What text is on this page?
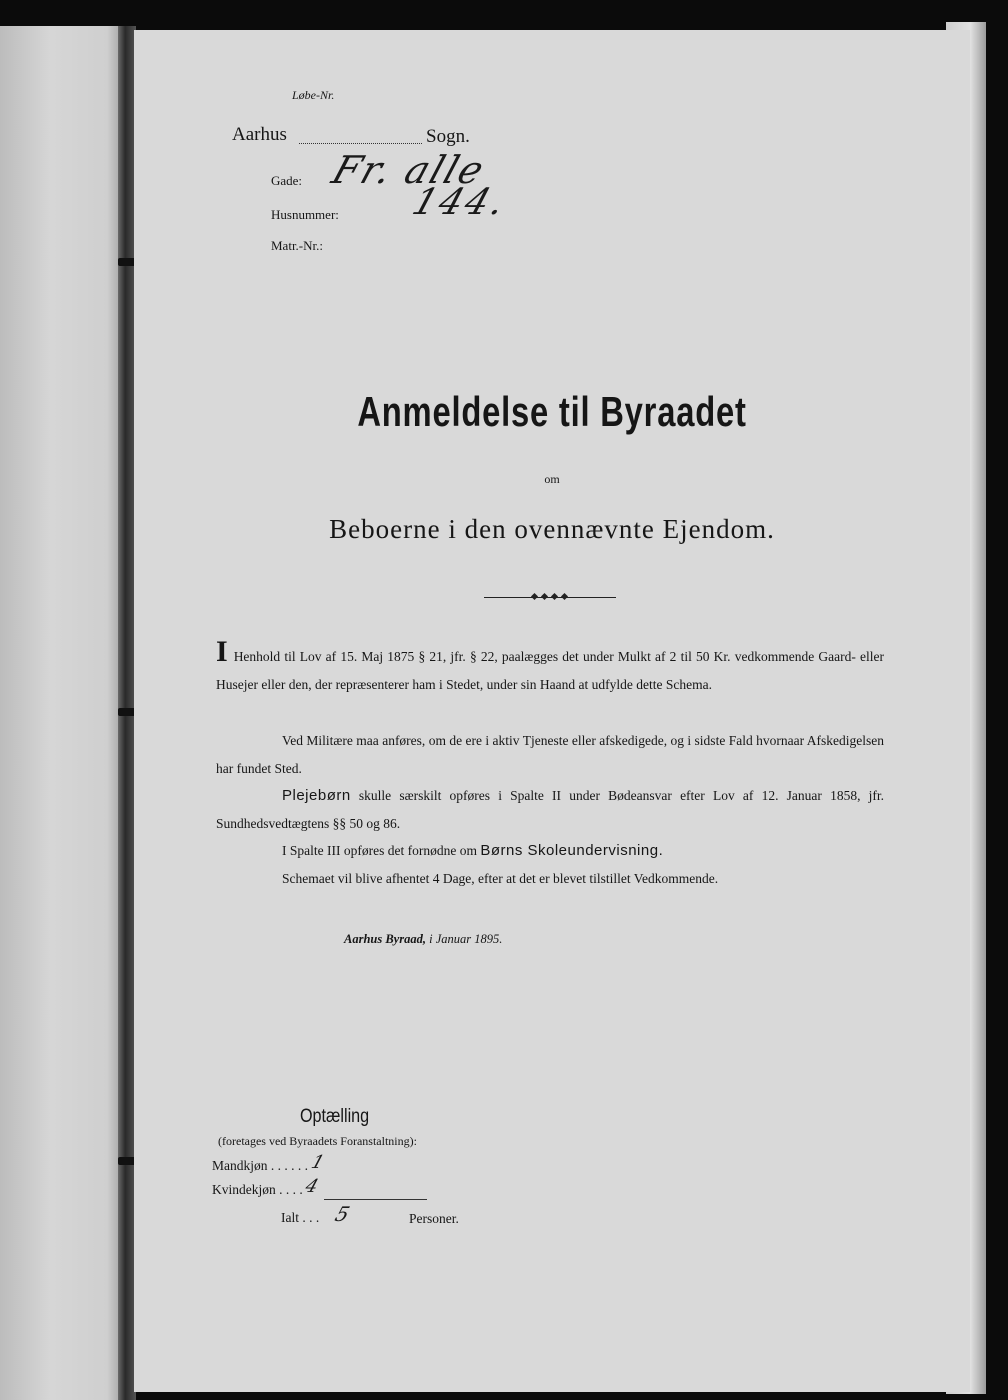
Løbe-Nr.
Aarhus	Sogn.
Gade: Fr. alle
Husnummer: 144.
Matr.-Nr.:
Anmeldelse til Byraadet
om
Beboerne i den ovennævnte Ejendom.
I Henhold til Lov af 15. Maj 1875 § 21, jfr. § 22, paalægges det under Mulkt af 2 til 50 Kr. vedkommende Gaard- eller Husejer eller den, der repræsenterer ham i Stedet, under sin Haand at udfylde dette Schema.
Ved Militære maa anføres, om de ere i aktiv Tjeneste eller afskedigede, og i sidste Fald hvornaar Afskedigelsen har fundet Sted.
Plejebørn skulle særskilt opføres i Spalte II under Bødeansvar efter Lov af 12. Januar 1858, jfr. Sundhedsvedtægtens §§ 50 og 86.
I Spalte III opføres det fornødne om Børns Skoleundervisning.
Schemaet vil blive afhentet 4 Dage, efter at det er blevet tilstillet Vedkommende.
Aarhus Byraad, i Januar 1895.
Optælling
(foretages ved Byraadets Foranstaltning):
Mandkjøn . . . . . . 1
Kvindekjøn . . . . 4
Ialt . . . 5	Personer.
